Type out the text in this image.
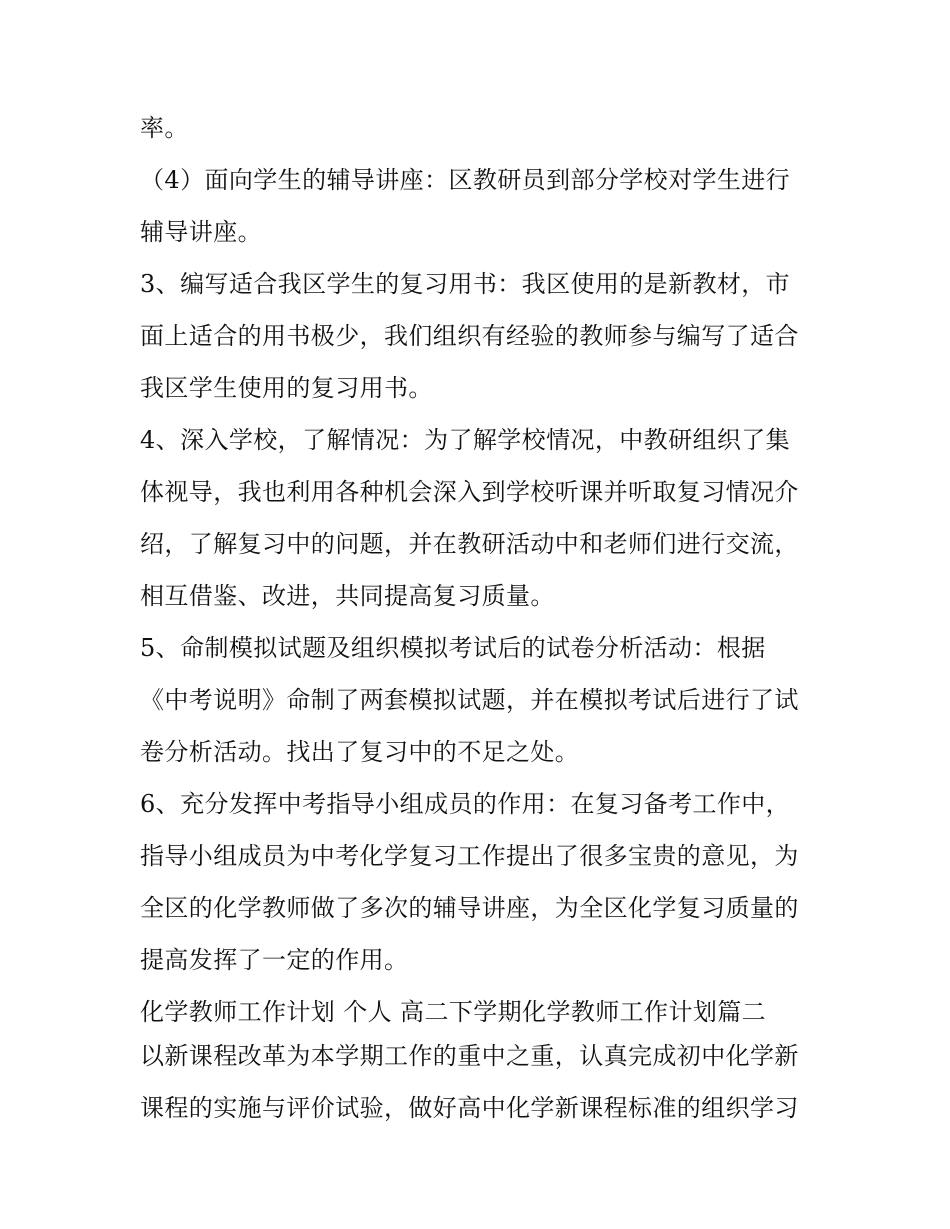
率。
（4）面向学生的辅导讲座：区教研员到部分学校对学生进行
辅导讲座。
3、编写适合我区学生的复习用书：我区使用的是新教材，市
面上适合的用书极少，我们组织有经验的教师参与编写了适合
我区学生使用的复习用书。
4、深入学校，了解情况：为了解学校情况，中教研组织了集
体视导，我也利用各种机会深入到学校听课并听取复习情况介
绍，了解复习中的问题，并在教研活动中和老师们进行交流，
相互借鉴、改进，共同提高复习质量。
5、命制模拟试题及组织模拟考试后的试卷分析活动：根据
《中考说明》命制了两套模拟试题，并在模拟考试后进行了试
卷分析活动。找出了复习中的不足之处。
6、充分发挥中考指导小组成员的作用：在复习备考工作中，
指导小组成员为中考化学复习工作提出了很多宝贵的意见，为
全区的化学教师做了多次的辅导讲座，为全区化学复习质量的
提高发挥了一定的作用。
化学教师工作计划 个人 高二下学期化学教师工作计划篇二
以新课程改革为本学期工作的重中之重，认真完成初中化学新
课程的实施与评价试验，做好高中化学新课程标准的组织学习
